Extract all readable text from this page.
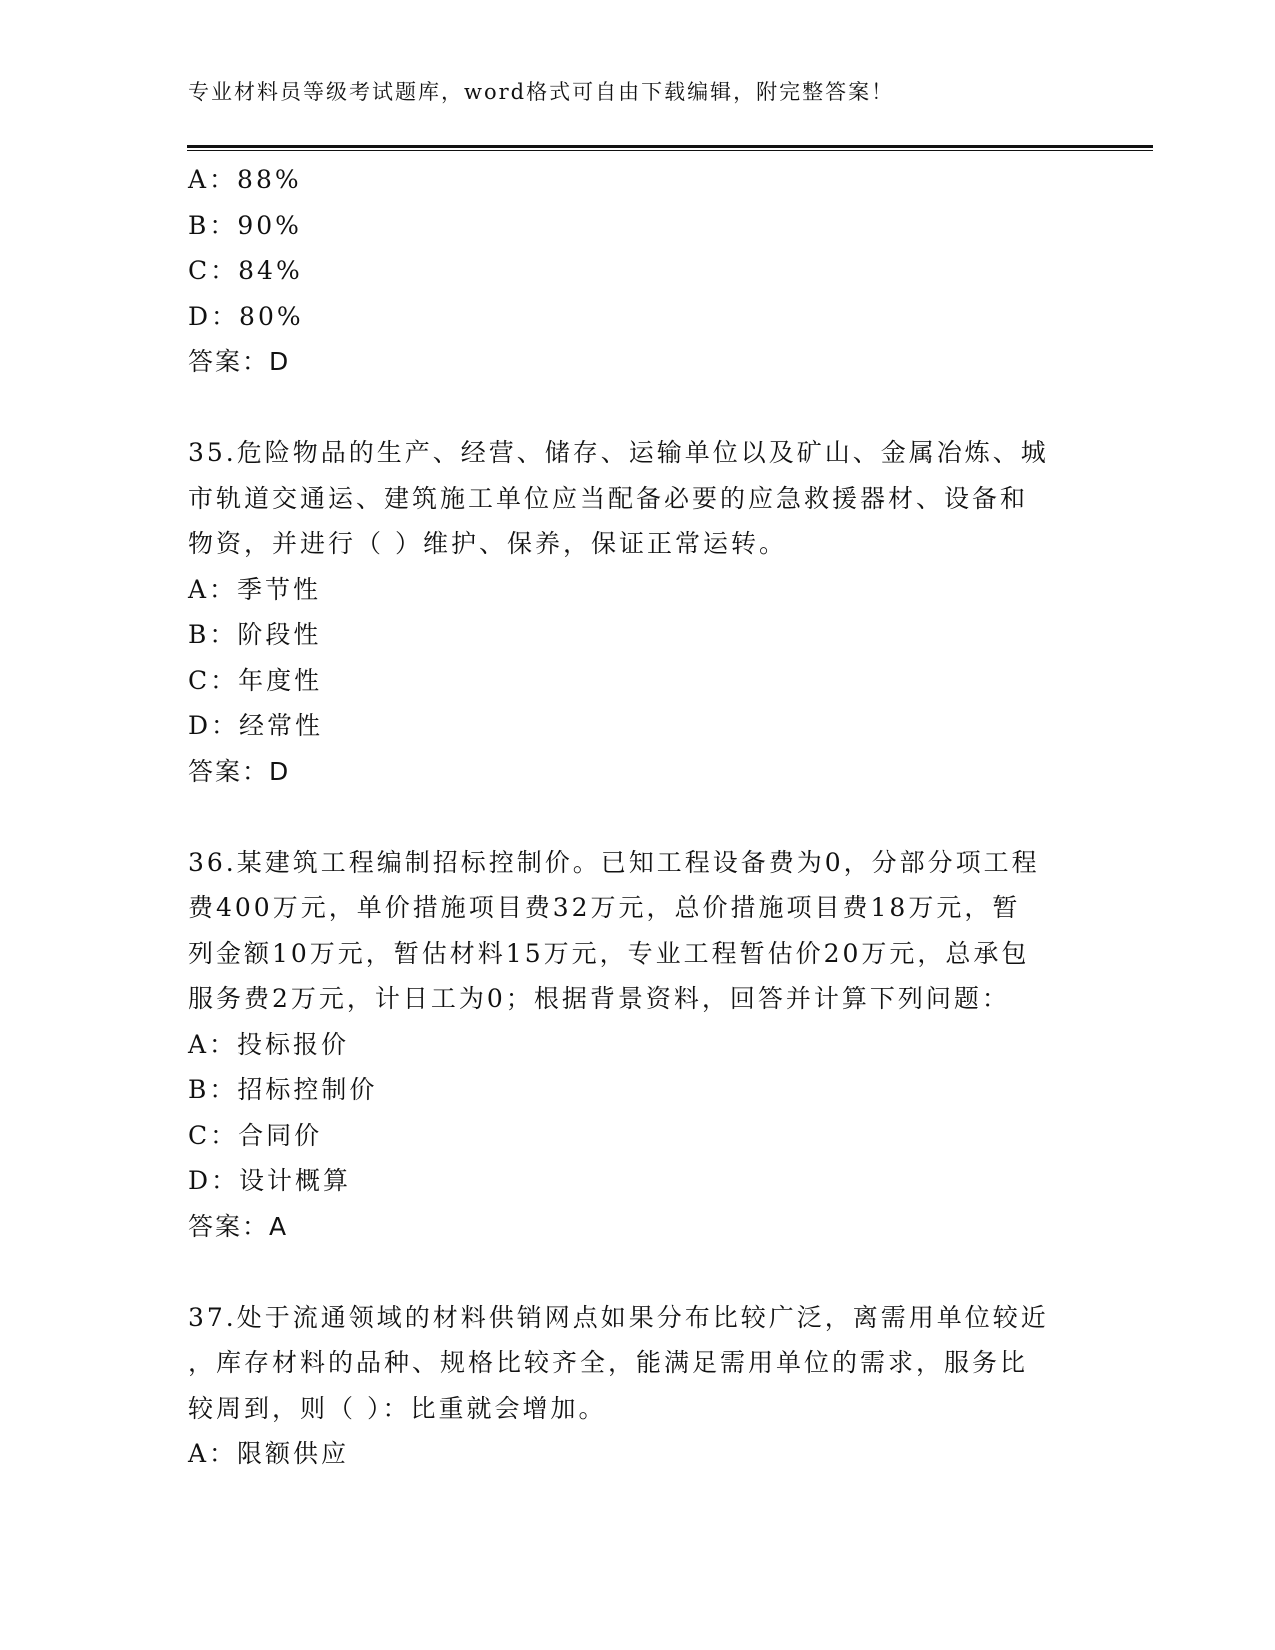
专业材料员等级考试题库，word格式可自由下载编辑，附完整答案！
A：88%
B：90%
C：84%
D：80%
答案：D
35.危险物品的生产、经营、储存、运输单位以及矿山、金属冶炼、城
市轨道交通运、建筑施工单位应当配备必要的应急救援器材、设备和
物资，并进行（ ）维护、保养，保证正常运转。
A：季节性
B：阶段性
C：年度性
D：经常性
答案：D
36.某建筑工程编制招标控制价。已知工程设备费为0，分部分项工程
费400万元，单价措施项目费32万元，总价措施项目费18万元，暂
列金额10万元，暂估材料15万元，专业工程暂估价20万元，总承包
服务费2万元，计日工为0；根据背景资料，回答并计算下列问题：
A：投标报价
B：招标控制价
C：合同价
D：设计概算
答案：A
37.处于流通领域的材料供销网点如果分布比较广泛，离需用单位较近
，库存材料的品种、规格比较齐全，能满足需用单位的需求，服务比
较周到，则（ ）：比重就会增加。
A：限额供应
